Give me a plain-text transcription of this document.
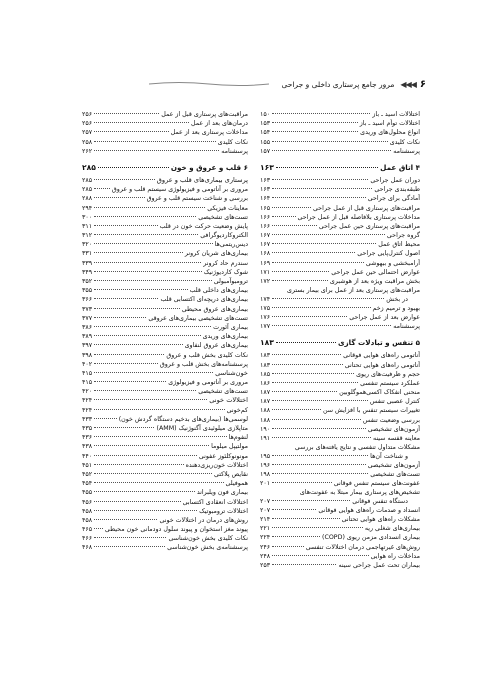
۶
◀◀◀
مرور جامع پرستاری داخلی و جراحی
اختلالات اسید ـ باز
۱۵۰
اختلالات توأم اسید ـ باز
۱۵۳
انواع محلول‌های وریدی
۱۵۴
نکات کلیدی
۱۵۵
پرسشنامه
۱۵۷
۴ اتاق عمل
۱۶۳
دوران عمل جراحی
۱۶۳
طبقه‌بندی جراحی
۱۶۳
آمادگی برای جراحی
۱۶۴
مراقبت‌های پرستاری قبل از عمل جراحی
۱۶۵
مداخلات پرستاری بلافاصله قبل از عمل جراحی
۱۶۶
مراقبت‌های پرستاری حین عمل جراحی
۱۶۶
گروه جراحی
۱۶۷
محیط اتاق عمل
۱۶۷
اصول کنترل‌پایی جراحی
۱۶۸
آرامبخشی و بیهوشی
۱۶۹
عوارض احتمالی حین عمل جراحی
۱۷۱
بخش مراقبت ویژه بعد از هوشبری
۱۷۲
مراقبت‌های پرستاری بعد از عمل برای بیمار بستری
در بخش
۱۷۴
بهبود و ترمیم زخم
۱۷۵
عوارض بعد از عمل جراحی
۱۷۶
پرسشنامه
۱۷۷
۵ تنفس و تبادلات گازی
۱۸۳
آناتومی راه‌های هوایی فوقانی
۱۸۳
آناتومی راه‌های هوایی تحتانی
۱۸۳
حجم و ظرفیت‌های ریوی
۱۸۵
عملکرد سیستم تنفسی
۱۸۶
منحنی انفکاک اکسی‌هموگلوبین
۱۸۷
کنترل عصبی تنفس
۱۸۷
تغییرات سیستم تنفس با افزایش سن
۱۸۸
بررسی وضعیت تنفس
۱۸۸
آزمون‌های تشخیصی
۱۹۰
معاینه قفسه سینه
۱۹۱
مشکلات متداول تنفسی و نتایج یافته‌های بررسی
و شناخت آن‌ها
۱۹۵
آزمون‌های تشخیصی
۱۹۶
تست‌های تشخیصی
۱۹۸
عفونت‌های سیستم تنفس فوقانی
۲۰۱
تشخیص‌های پرستاری بیمار مبتلا به عفونت‌های
دستگاه تنفس فوقانی
۲۰۷
انسداد و صدمات راه‌های هوایی فوقانی
۲۰۷
مشکلات راه‌های هوایی تحتانی
۲۱۴
بیماری‌های شغلی ریه
۲۲۱
بیماری انسدادی مزمن ریوی (COPD)
۲۲۴
روش‌های غیرتهاجمی درمان اختلالات تنفسی
۲۴۶
مداخلات راه هوایی
۲۴۸
بیماران تحت عمل جراحی سینه
۲۵۳
مراقبت‌های پرستاری قبل از عمل
۲۵۶
درمان‌های بعد از عمل
۲۵۶
مداخلات پرستاری بعد از عمل
۲۵۷
نکات کلیدی
۲۵۸
پرسشنامه
۲۶۲
۶ قلب و عروق و خون
۲۸۵
پرستاری بیماری‌های قلب و عروق
۲۸۵
مروری بر آناتومی و فیزیولوژی سیستم قلب و عروق
۲۸۵
بررسی و شناخت سیستم قلب و عروق
۲۸۸
معاینات فیزیکی
۲۹۴
تست‌های تشخیصی
۳۰۰
پایش وضعیت حرکت خون در قلب
۳۱۱
الکتروکاردیوگرافی
۳۱۲
دیس‌ریتمی‌ها
۳۲۰
بیماری‌های شریان کرونر
۳۳۱
سندرم حاد کرونر
۳۳۹
شوک کاردیوژنیک
۳۴۹
ترومبوآمبولی
۳۵۲
بیماری‌های داخلی قلب
۳۵۵
بیماری‌های دریچه‌ای اکتسابی قلب
۳۶۶
بیماری‌های عروق محیطی
۳۷۳
تست‌های تشخیصی بیماری‌های عروقی
۳۷۷
بیماری آئورت
۳۸۶
بیماری‌های وریدی
۳۸۹
بیماری‌های عروق لنفاوی
۳۹۷
نکات کلیدی بخش قلب و عروق
۳۹۸
پرسشنامه‌های بخش قلب و عروق
۴۰۲
خون‌شناسی
۴۱۵
مروری بر آناتومی و فیزیولوژی
۴۱۵
تست‌های تشخیصی
۴۲۰
اختلالات خونی
۴۲۴
کم‌خونی
۴۲۴
لوسمی‌ها (بیماری‌های بدخیم دستگاه گردش خون)
۴۳۳
متاپلازی میلوئیدی آگنوژنیک (AMM)
۴۳۵
لنفوم‌ها
۴۳۶
مولتیپل میلوما
۴۳۸
مونونوکلئوز عفونی
۴۴۰
اختلالات خون‌ریزی‌دهنده
۴۵۱
نقایص پلاکتی
۴۵۲
هموفیلی
۴۵۴
بیماری فون ویلبراند
۴۵۵
اختلالات انعقادی اکتسابی
۴۵۶
اختلالات ترومبوتیک
۴۵۸
روش‌های درمان در اختلالات خونی
۴۵۸
پیوند مغز استخوان و پیوند سلول دودمانی خون محیطی
۴۶۵
نکات کلیدی بخش خون‌شناسی
۴۶۶
پرسشنامه‌ی بخش خون‌شناسی
۴۶۸
